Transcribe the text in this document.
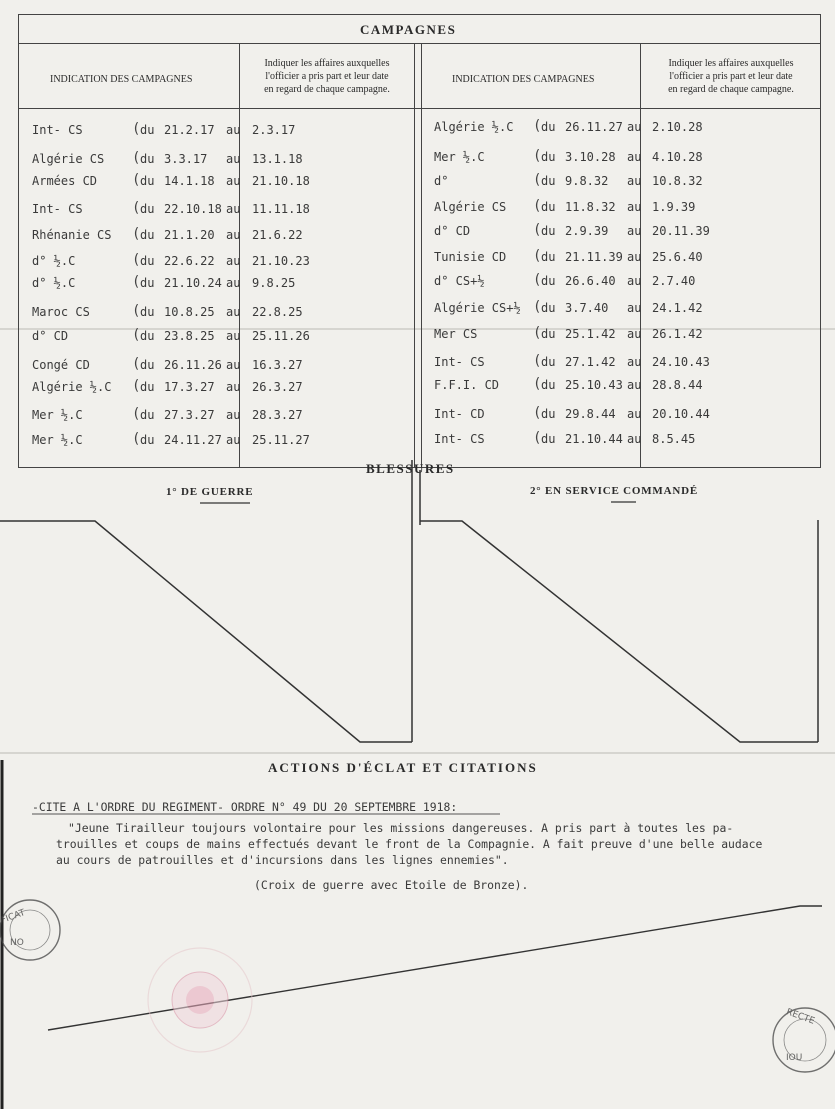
CAMPAGNES
INDICATION DES CAMPAGNES
Indiquer les affaires auxquelles
l'officier a pris part et leur date
en regard de chaque campagne.
INDICATION DES CAMPAGNES
Indiquer les affaires auxquelles
l'officier a pris part et leur date
en regard de chaque campagne.
(
Int- CS	du 21.2.17 au 2.3.17
(
Algérie CS	du 3.3.17 au 13.1.18
(
Armées CD	du 14.1.18 au 21.10.18
(
Int- CS	du 22.10.18 au 11.11.18
(
Rhénanie CS du 21.1.20 au 21.6.22
(
d° ½.C	du 22.6.22 au 21.10.23
(
d° ½.C	du 21.10.24 au 9.8.25
(
Maroc CS	du 10.8.25 au 22.8.25
(
d° CD	du 23.8.25 au 25.11.26
(
Congé CD	du 26.11.26 au 16.3.27
(
Algérie ½.C du 17.3.27 au 26.3.27
(
Mer ½.C	du 27.3.27 au 28.3.27
(
Mer ½.C	du 24.11.27 au 25.11.27
(
Algérie ½.C du 26.11.27 au 2.10.28
(
Mer ½.C	du 3.10.28 au 4.10.28
(
d°	du 9.8.32 au 10.8.32
(
Algérie CS	du 11.8.32 au 1.9.39
(
d° CD	du 2.9.39 au 20.11.39
(
Tunisie CD	du 21.11.39 au 25.6.40
(
d° CS+½	du 26.6.40 au 2.7.40
(
Algérie CS+½ du 3.7.40 au 24.1.42
(
Mer CS	du 25.1.42 au 26.1.42
(
Int- CS	du 27.1.42 au 24.10.43
(
F.F.I. CD	du 25.10.43 au 28.8.44
(
Int- CD	du 29.8.44 au 20.10.44
(
Int- CS	du 21.10.44 au 8.5.45
BLESSURES
1° DE GUERRE	2° EN SERVICE COMMANDÉ
FICAT
NO
RECTE
IOU
ACTIONS D'ÉCLAT ET CITATIONS
-CITE A L'ORDRE DU REGIMENT- ORDRE N° 49 DU 20 SEPTEMBRE 1918:
"Jeune Tirailleur toujours volontaire pour les missions dangereuses. A pris part à toutes les pa-
trouilles et coups de mains effectués devant le front de la Compagnie. A fait preuve d'une belle audace
au cours de patrouilles et d'incursions dans les lignes ennemies".
(Croix de guerre avec Etoile de Bronze).
